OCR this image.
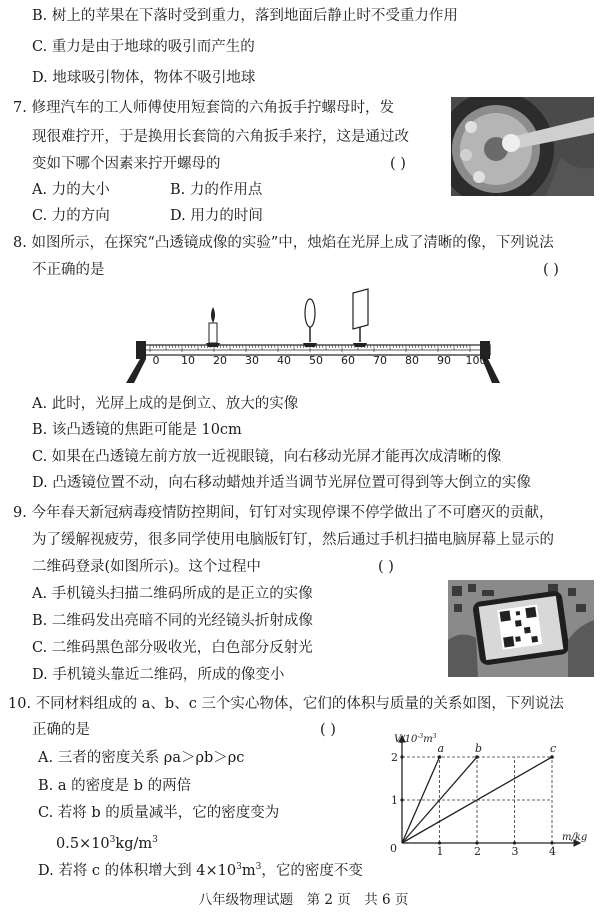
B. 树上的苹果在下落时受到重力，落到地面后静止时不受重力作用
C. 重力是由于地球的吸引而产生的
D. 地球吸引物体，物体不吸引地球
7. 修理汽车的工人师傅使用短套筒的六角扳手拧螺母时，发
现很难拧开，于是换用长套筒的六角扳手来拧，这是通过改
变如下哪个因素来拧开螺母的	( )
A. 力的大小	B. 力的作用点
C. 力的方向	D. 用力的时间
8. 如图所示，在探究“凸透镜成像的实验”中，烛焰在光屏上成了清晰的像，下列说法
不正确的是	( )
0 10 20 30 40 50 60 70 80 90 100
A. 此时，光屏上成的是倒立、放大的实像
B. 该凸透镜的焦距可能是 10cm
C. 如果在凸透镜左前方放一近视眼镜，向右移动光屏才能再次成清晰的像
D. 凸透镜位置不动，向右移动蜡烛并适当调节光屏位置可得到等大倒立的实像
9. 今年春天新冠病毒疫情防控期间，钉钉对实现停课不停学做出了不可磨灭的贡献，
为了缓解视疲劳，很多同学使用电脑版钉钉，然后通过手机扫描电脑屏幕上显示的
二维码登录(如图所示)。这个过程中	( )
A. 手机镜头扫描二维码所成的是正立的实像
B. 二维码发出亮暗不同的光经镜头折射成像
C. 二维码黑色部分吸收光，白色部分反射光
D. 手机镜头靠近二维码，所成的像变小
10. 不同材料组成的 a、b、c 三个实心物体，它们的体积与质量的关系如图，下列说法
正确的是	( )
A. 三者的密度关系 ρa＞ρb＞ρc
B. a 的密度是 b 的两倍
C. 若将 b 的质量减半，它的密度变为
$0.5\times 10^3kg/m^3$
D. 若将 c 的体积增大到 $4\times 10^3m^3$，它的密度不变
a	b	c
1	2	3	4
1
2
$V/10^{-3}m^3$
m/kg
0
八年级物理试题　第 2 页　共 6 页
